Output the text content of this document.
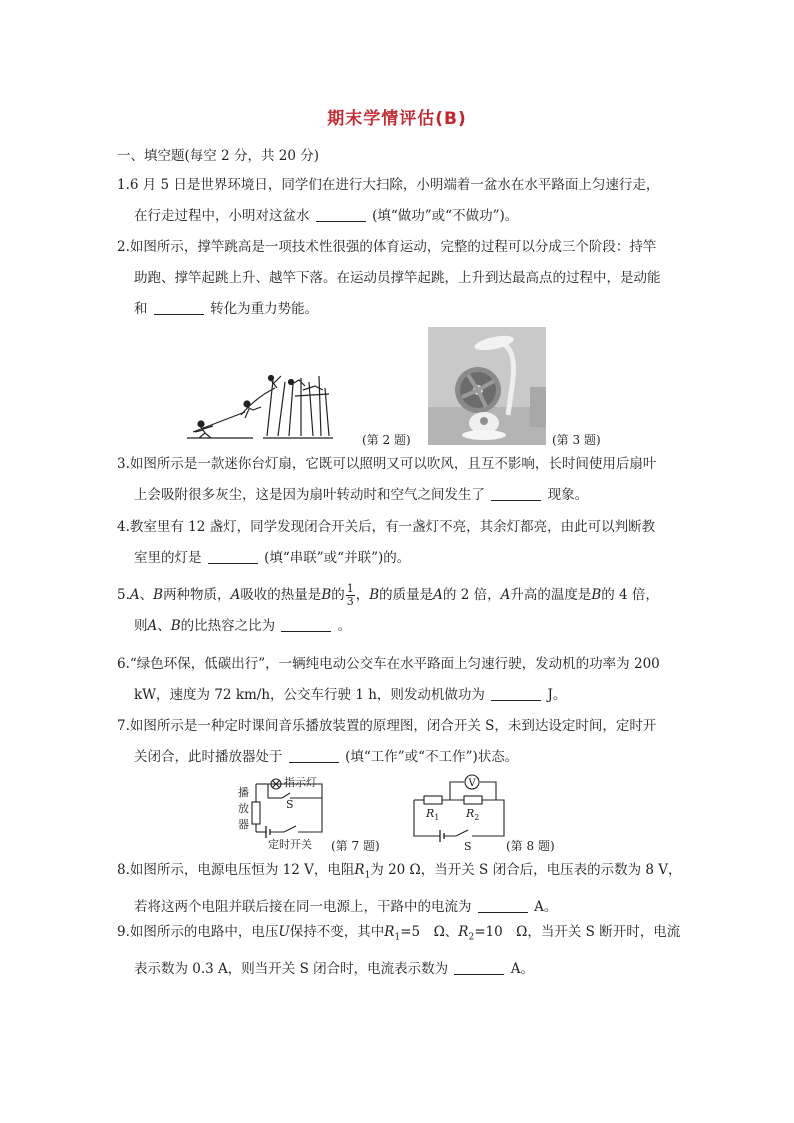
期末学情评估(B)
一、填空题(每空 2 分，共 20 分)
1.6 月 5 日是世界环境日，同学们在进行大扫除，小明端着一盆水在水平路面上匀速行走，
在行走过程中，小明对这盆水	(填“做功”或“不做功”)。
2.如图所示，撑竿跳高是一项技术性很强的体育运动，完整的过程可以分成三个阶段：持竿
助跑、撑竿起跳上升、越竿下落。在运动员撑竿起跳，上升到达最高点的过程中，是动能
和	转化为重力势能。
(第 2 题)	(第 3 题)
3.如图所示是一款迷你台灯扇，它既可以照明又可以吹风，且互不影响，长时间使用后扇叶
上会吸附很多灰尘，这是因为扇叶转动时和空气之间发生了	现象。
4.教室里有 12 盏灯，同学发现闭合开关后，有一盏灯不亮，其余灯都亮，由此可以判断教
室里的灯是	(填“串联”或“并联”)的。
5.A、B两种物质，A吸收的热量是B的 $\frac{1}{3}$ ，B的质量是A的 2 倍，A升高的温度是B的 4 倍，
则A、B的比热容之比为	。
6.“绿色环保，低碳出行”，一辆纯电动公交车在水平路面上匀速行驶，发动机的功率为 200
kW，速度为 72 km/h，公交车行驶 1 h，则发动机做功为	J。
7.如图所示是一种定时课间音乐播放装置的原理图，闭合开关 S，未到达设定时间，定时开
关闭合，此时播放器处于	(填“工作”或“不工作”)状态。
播
放
器
指示灯
S
定时开关 (第 7 题)
V
$R_1$ $R_2$
S	(第 8 题)
8.如图所示，电源电压恒为 12 V，电阻$R_1$为 20 Ω，当开关 S 闭合后，电压表的示数为 8 V，
若将这两个电阻并联后接在同一电源上，干路中的电流为	A。
9.如图所示的电路中，电压U保持不变，其中$R_1=5$　Ω、$R_2=10$　Ω，当开关 S 断开时，电流
表示数为 0.3 A，则当开关 S 闭合时，电流表示数为	A。
